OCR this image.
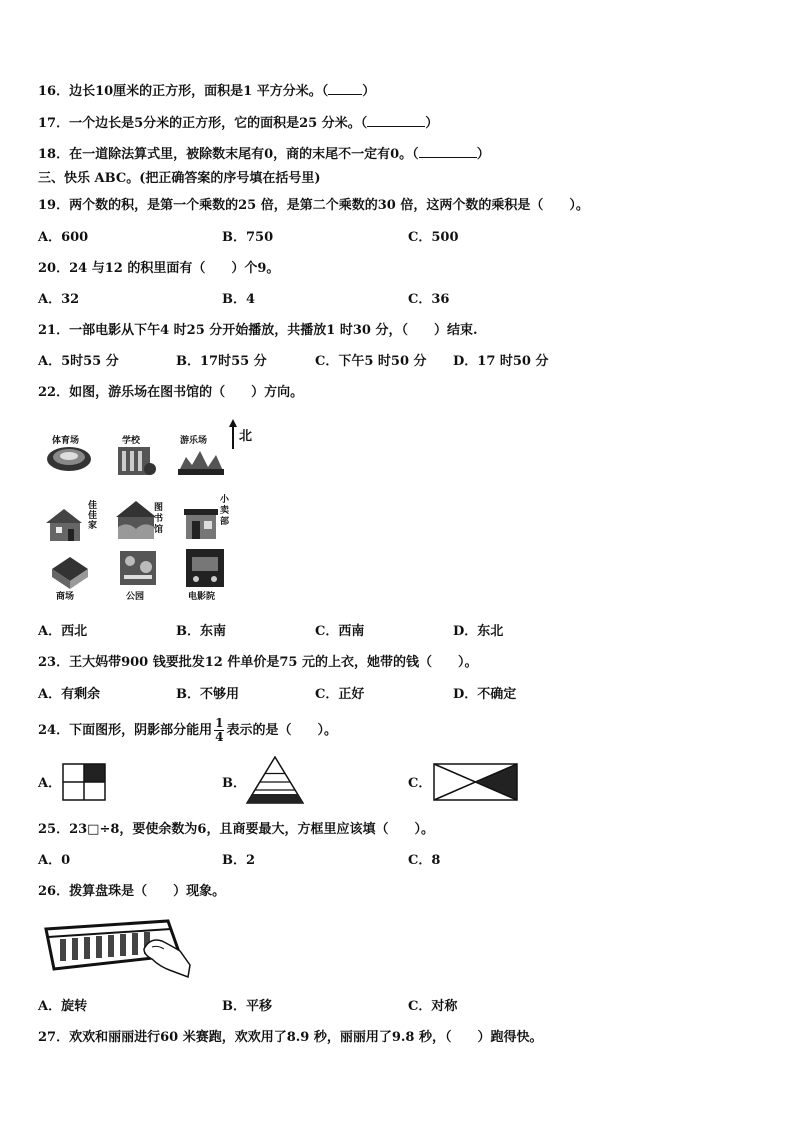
16．边长10厘米的正方形，面积是1 平方分米。（	）
17．一个边长是5分米的正方形，它的面积是25 分米。（	）
18．在一道除法算式里，被除数末尾有0，商的末尾不一定有0。（	）
三、快乐 ABC。(把正确答案的序号填在括号里)
19．两个数的积，是第一个乘数的25 倍，是第二个乘数的30 倍，这两个数的乘积是（　　）。
A．600	B．750	C．500
20．24 与12 的积里面有（　　）个9。
A．32	B．4	C．36
21．一部电影从下午4 时25 分开始播放，共播放1 时30 分，（　　）结束.
A．5时55 分	B．17时55 分	C．下午5 时50 分 D．17 时50 分
22．如图，游乐场在图书馆的（　　）方向。
体育场	学校	游乐场
佳佳家
图书馆
小卖部
商场	公园	电影院
北
A．西北	B．东南	C．西南	D．东北
23．王大妈带900 钱要批发12 件单价是75 元的上衣，她带的钱（　　）。
A．有剩余	B．不够用	C．正好	D．不确定
24．下面图形，阴影部分能用 $\frac{1}{4}$ 表示的是（　　）。
A．	B．	C．
25．23□÷8，要使余数为6，且商要最大，方框里应该填（　　）。
A．0	B．2	C．8
26．拨算盘珠是（　　）现象。
A．旋转	B．平移	C．对称
27．欢欢和丽丽进行60 米赛跑，欢欢用了8.9 秒，丽丽用了9.8 秒，（　　）跑得快。
